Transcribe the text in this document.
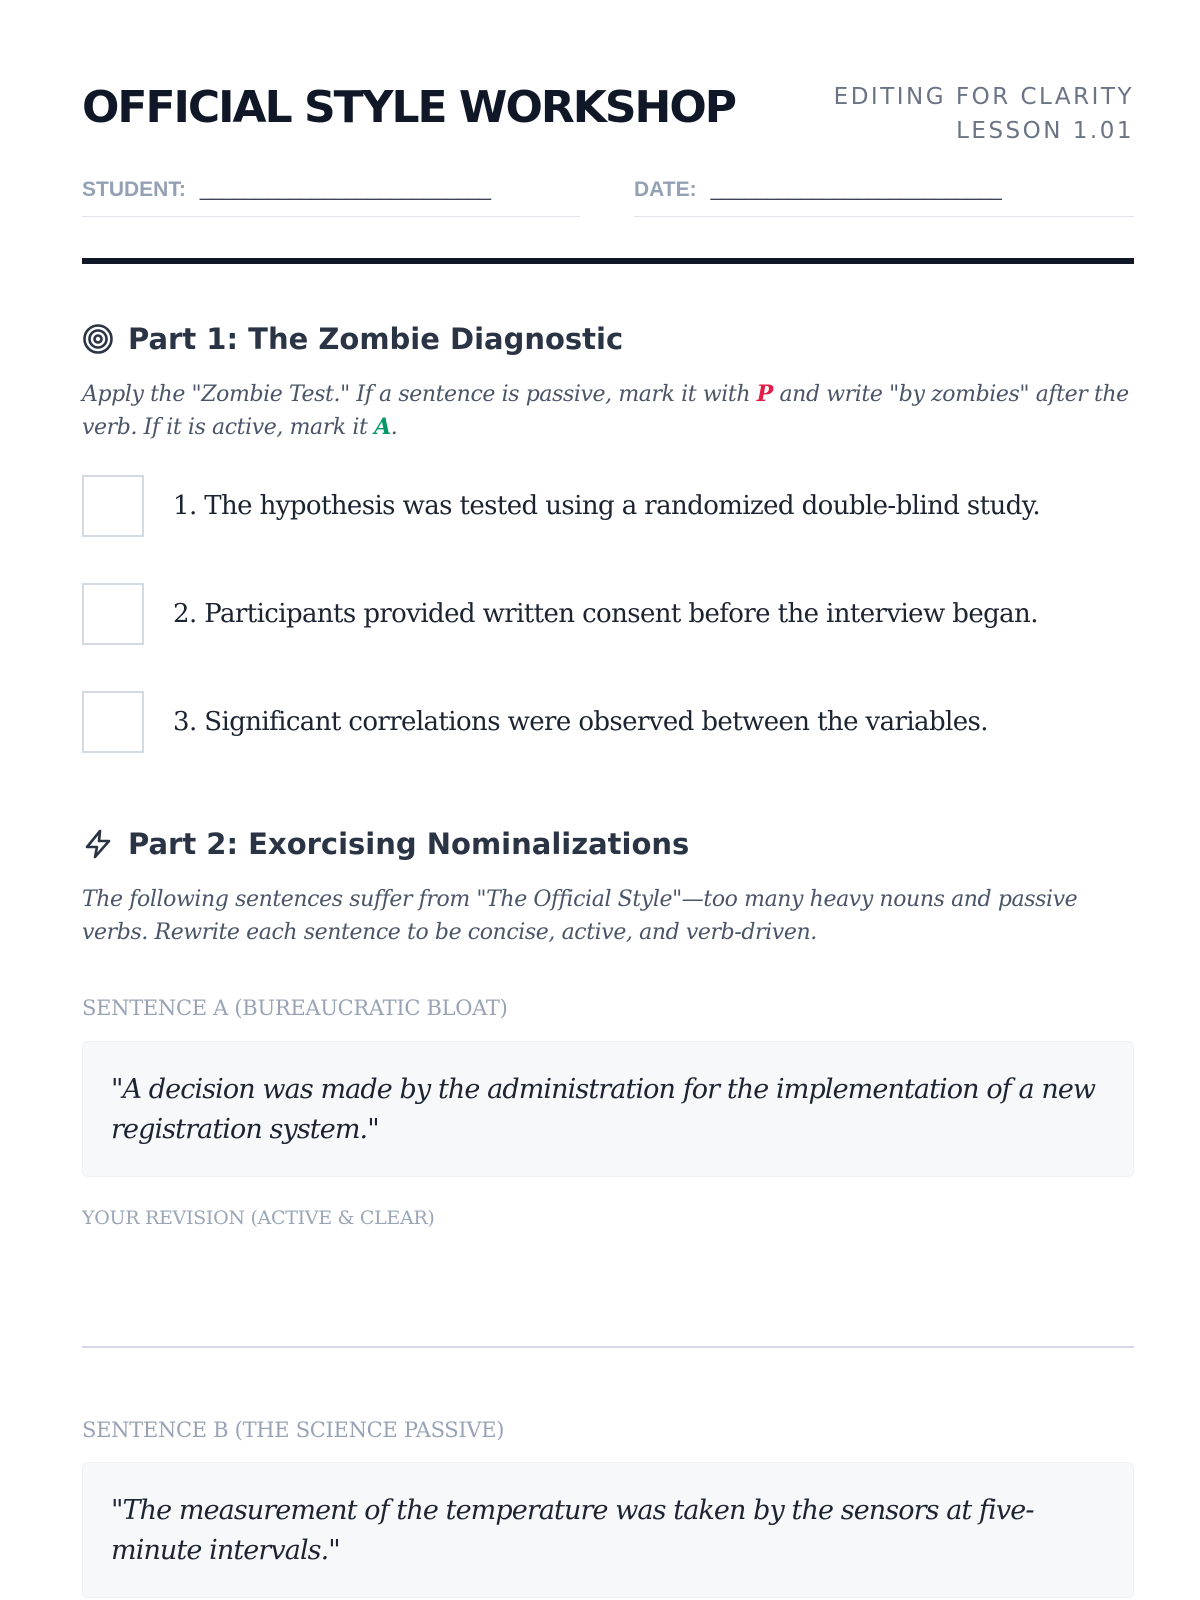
OFFICIAL STYLE WORKSHOP	EDITING FOR CLARITY
LESSON 1.01
STUDENT: __________________________	DATE: __________________________
Part 1: The Zombie Diagnostic
Apply the "Zombie Test." If a sentence is passive, mark it with P and write "by zombies" after the verb. If it is active, mark it A.
1. The hypothesis was tested using a randomized double-blind study.
2. Participants provided written consent before the interview began.
3. Significant correlations were observed between the variables.
Part 2: Exorcising Nominalizations
The following sentences suffer from "The Official Style"—too many heavy nouns and passive verbs. Rewrite each sentence to be concise, active, and verb-driven.
SENTENCE A (BUREAUCRATIC BLOAT)
"A decision was made by the administration for the implementation of a new registration system."
YOUR REVISION (ACTIVE & CLEAR)
SENTENCE B (THE SCIENCE PASSIVE)
"The measurement of the temperature was taken by the sensors at five-minute intervals."
